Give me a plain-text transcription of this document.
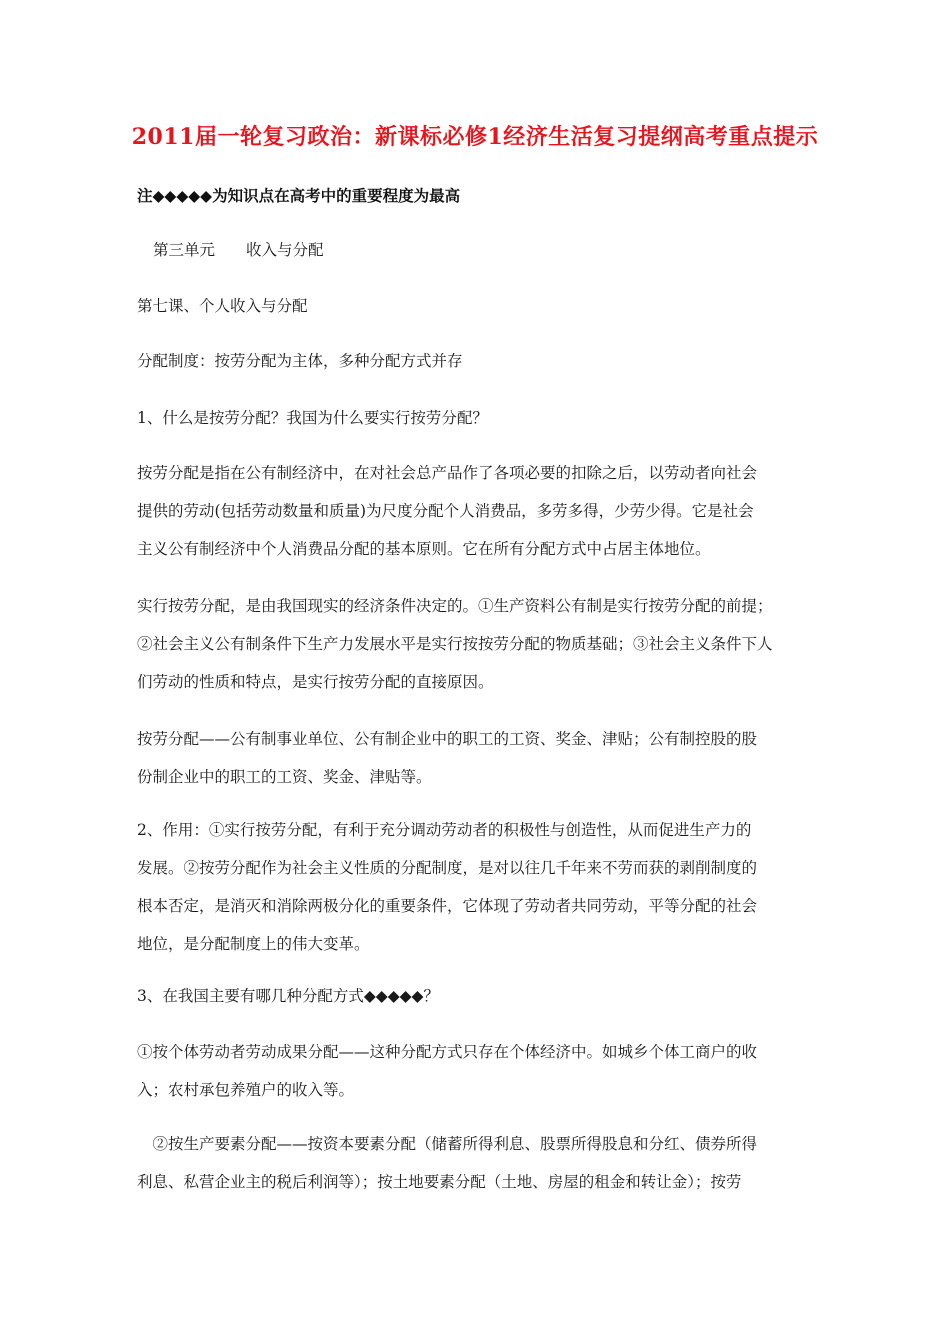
2011届一轮复习政治：新课标必修1经济生活复习提纲高考重点提示
注◆◆◆◆◆为知识点在高考中的重要程度为最高
第三单元　　收入与分配
第七课、个人收入与分配
分配制度：按劳分配为主体，多种分配方式并存
1、什么是按劳分配？我国为什么要实行按劳分配？
按劳分配是指在公有制经济中，在对社会总产品作了各项必要的扣除之后，以劳动者向社会
提供的劳动(包括劳动数量和质量)为尺度分配个人消费品，多劳多得，少劳少得。它是社会
主义公有制经济中个人消费品分配的基本原则。它在所有分配方式中占居主体地位。
实行按劳分配，是由我国现实的经济条件决定的。①生产资料公有制是实行按劳分配的前提；
②社会主义公有制条件下生产力发展水平是实行按按劳分配的物质基础；③社会主义条件下人
们劳动的性质和特点，是实行按劳分配的直接原因。
按劳分配——公有制事业单位、公有制企业中的职工的工资、奖金、津贴；公有制控股的股
份制企业中的职工的工资、奖金、津贴等。
2、作用：①实行按劳分配，有利于充分调动劳动者的积极性与创造性，从而促进生产力的
发展。②按劳分配作为社会主义性质的分配制度，是对以往几千年来不劳而获的剥削制度的
根本否定，是消灭和消除两极分化的重要条件，它体现了劳动者共同劳动，平等分配的社会
地位，是分配制度上的伟大变革。
3、在我国主要有哪几种分配方式◆◆◆◆◆？
①按个体劳动者劳动成果分配——这种分配方式只存在个体经济中。如城乡个体工商户的收
入；农村承包养殖户的收入等。
　②按生产要素分配——按资本要素分配（储蓄所得利息、股票所得股息和分红、债券所得
利息、私营企业主的税后利润等）；按土地要素分配（土地、房屋的租金和转让金）；按劳
